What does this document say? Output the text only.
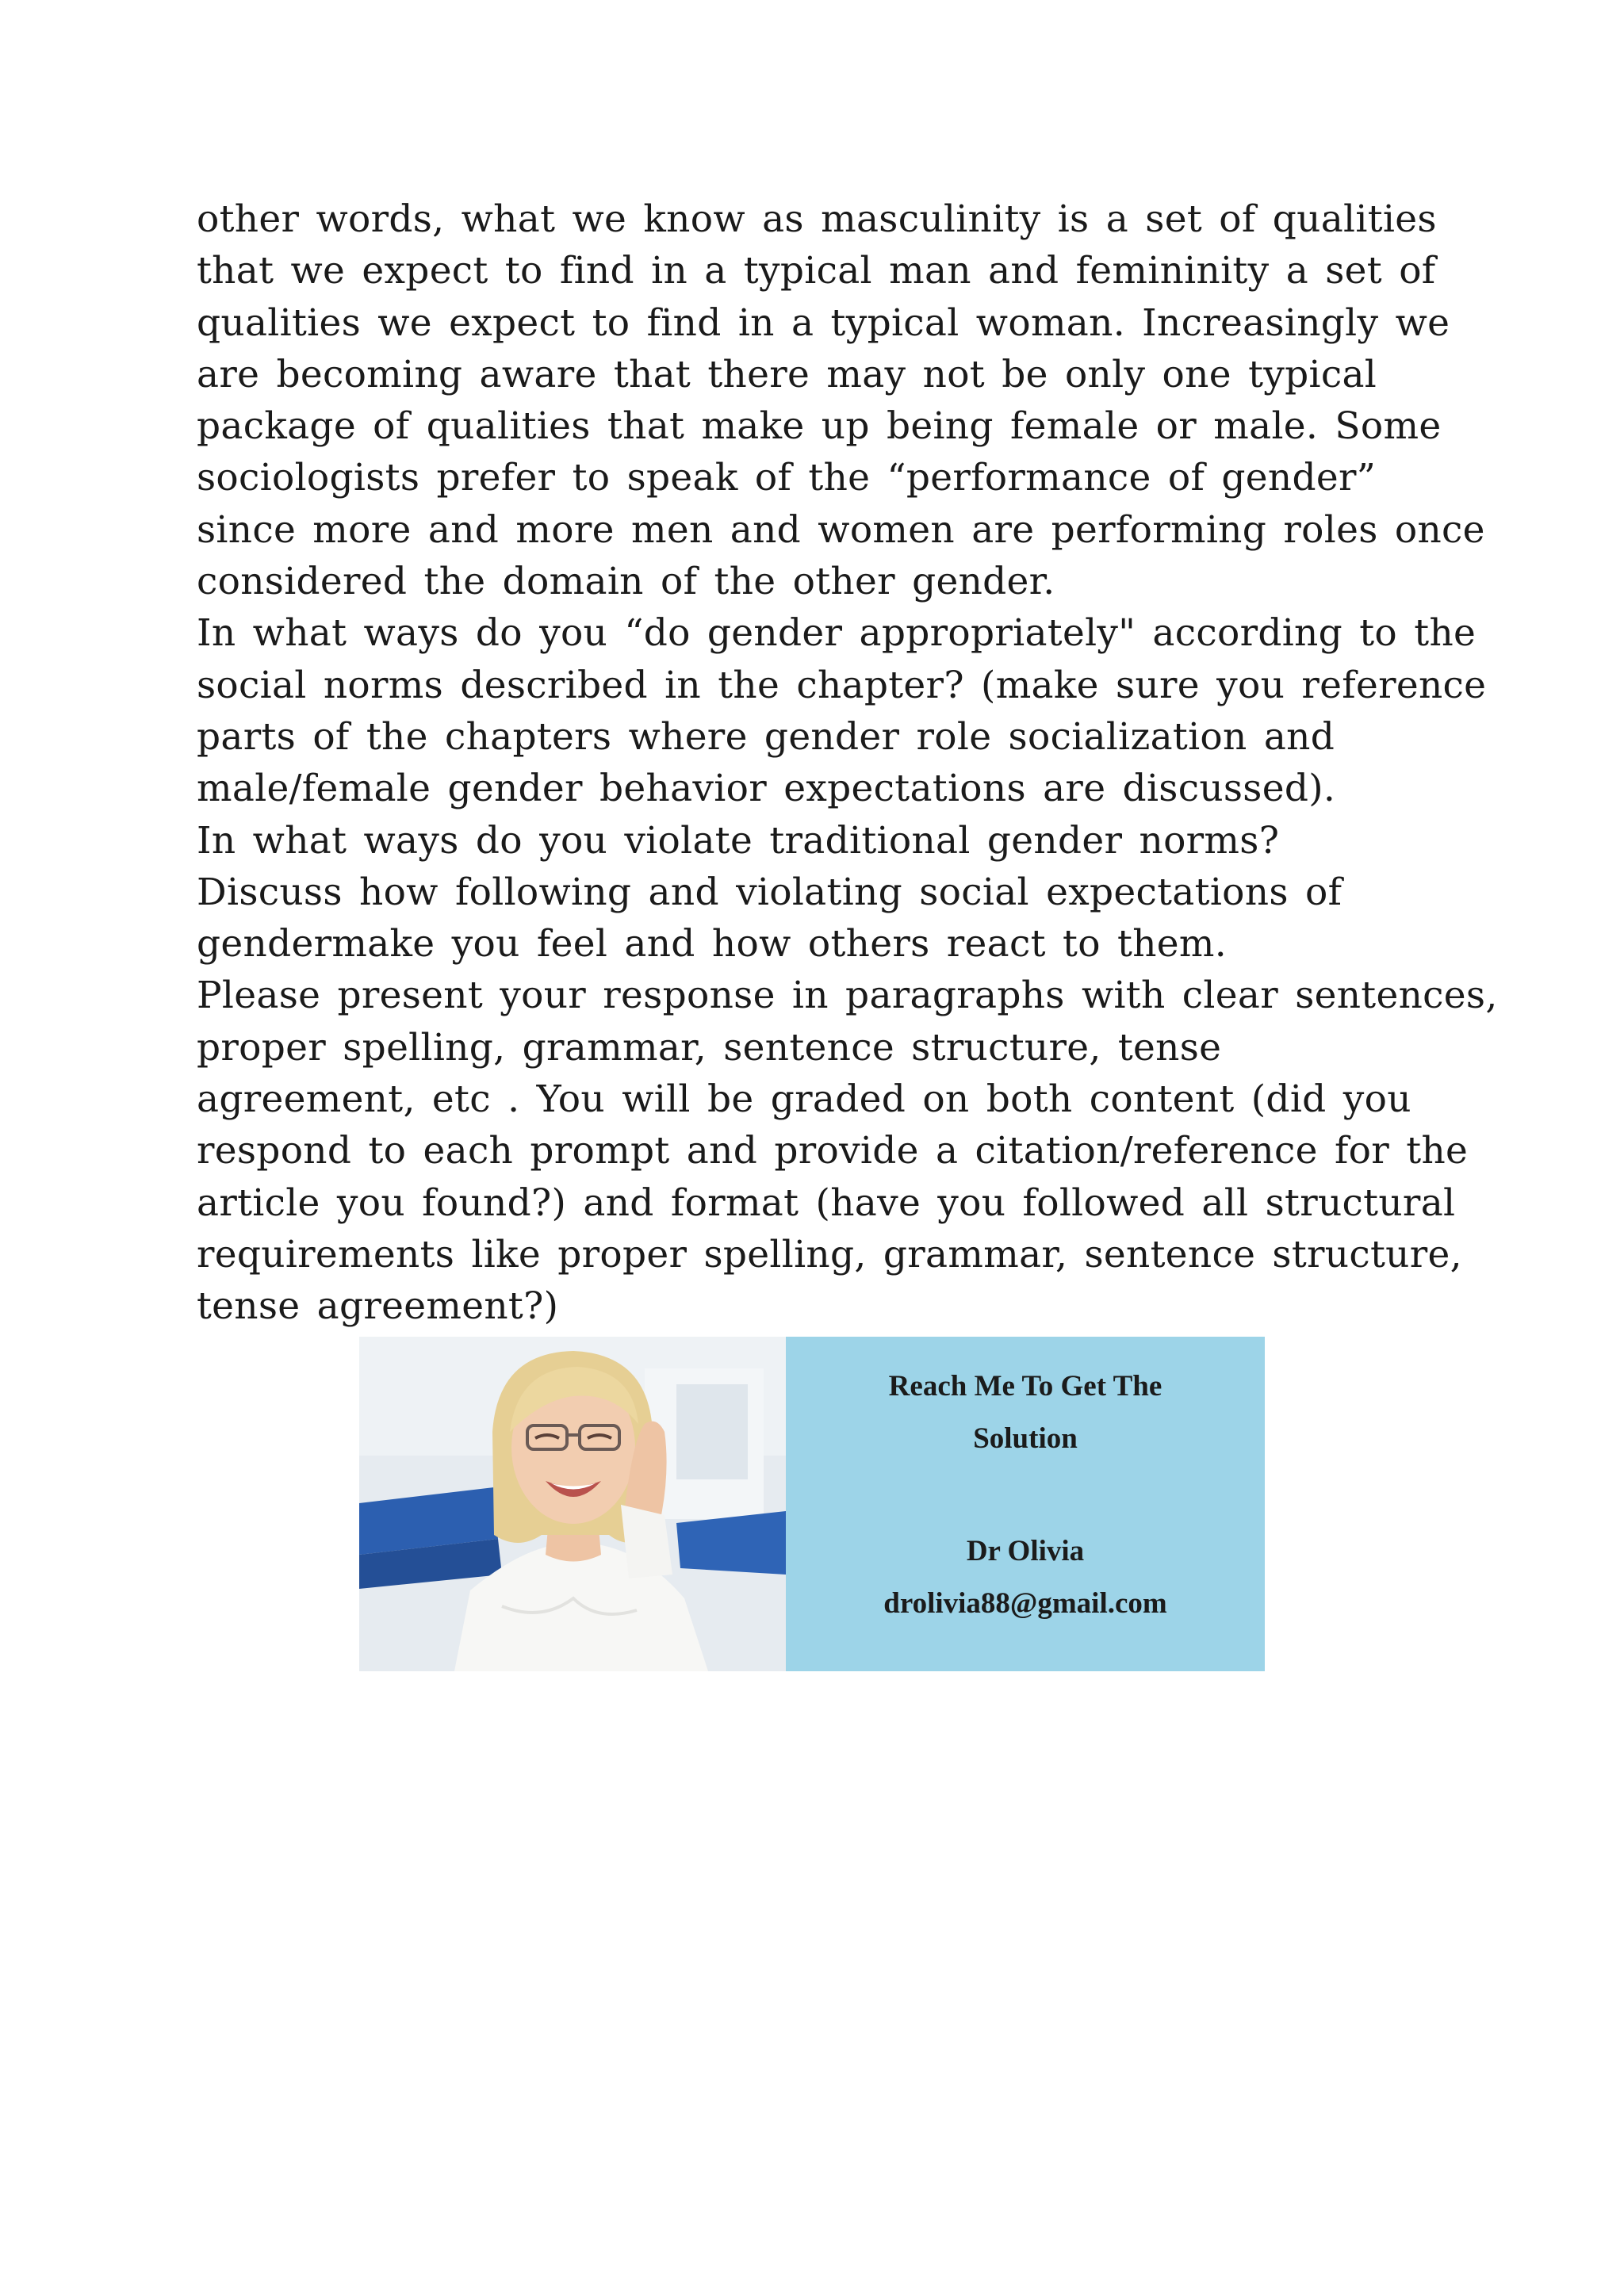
other words, what we know as masculinity is a set of qualities
that we expect to find in a typical man and femininity a set of
qualities we expect to find in a typical woman. Increasingly we
are becoming aware that there may not be only one typical
package of qualities that make up being female or male. Some
sociologists prefer to speak of the “performance of gender”
since more and more men and women are performing roles once
considered the domain of the other gender.
In what ways do you “do gender appropriately" according to the
social norms described in the chapter? (make sure you reference
parts of the chapters where gender role socialization and
male/female gender behavior expectations are discussed).
In what ways do you violate traditional gender norms?
Discuss how following and violating social expectations of
gendermake you feel and how others react to them.
Please present your response in paragraphs with clear sentences,
proper spelling, grammar, sentence structure, tense
agreement, etc . You will be graded on both content (did you
respond to each prompt and provide a citation/reference for the
article you found?) and format (have you followed all structural
requirements like proper spelling, grammar, sentence structure,
tense agreement?)
Reach Me To Get The
Solution
Dr Olivia
drolivia88@gmail.com
